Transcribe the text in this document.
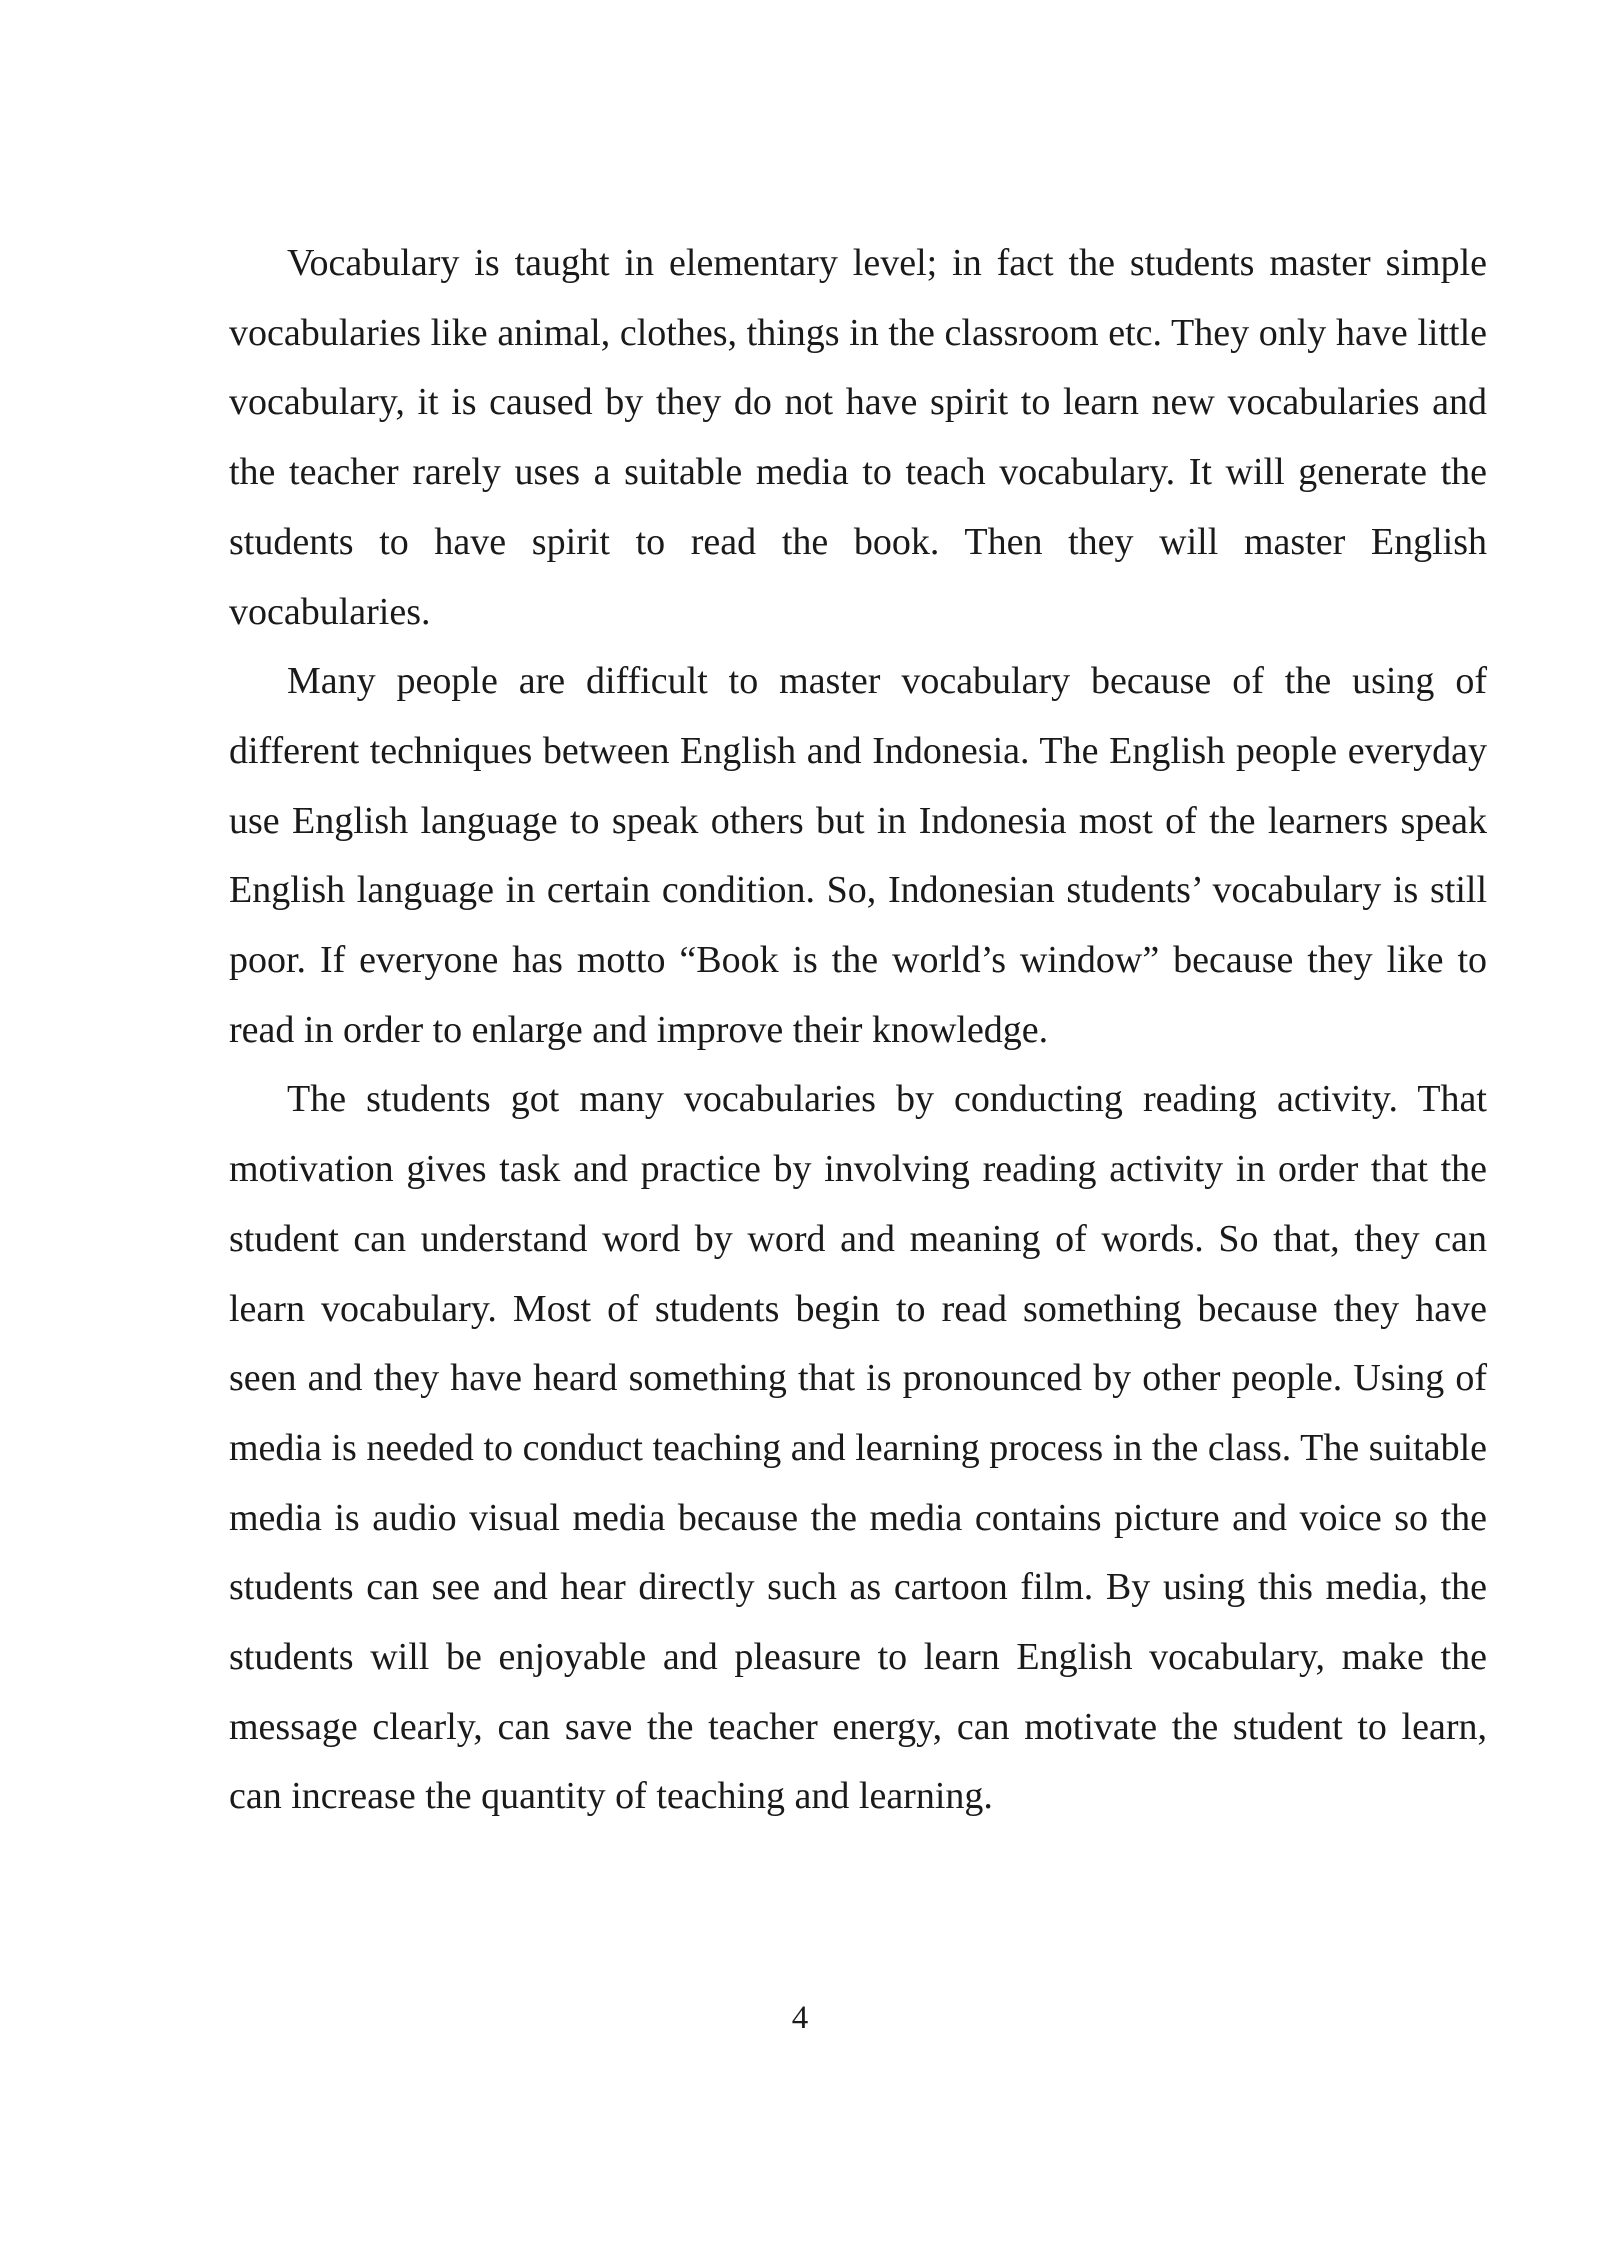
Vocabulary is taught in elementary level; in fact the students master simple vocabularies like animal, clothes, things in the classroom etc. They only have little vocabulary, it is caused by they do not have spirit to learn new vocabularies and the teacher rarely uses a suitable media to teach vocabulary. It will generate the students to have spirit to read the book. Then they will master English vocabularies.

Many people are difficult to master vocabulary because of the using of different techniques between English and Indonesia. The English people everyday use English language to speak others but in Indonesia most of the learners speak English language in certain condition. So, Indonesian students’ vocabulary is still poor. If everyone has motto “Book is the world’s window” because they like to read in order to enlarge and improve their knowledge.

The students got many vocabularies by conducting reading activity. That motivation gives task and practice by involving reading activity in order that the student can understand word by word and meaning of words. So that, they can learn vocabulary. Most of students begin to read something because they have seen and they have heard something that is pronounced by other people. Using of media is needed to conduct teaching and learning process in the class. The suitable media is audio visual media because the media contains picture and voice so the students can see and hear directly such as cartoon film. By using this media, the students will be enjoyable and pleasure to learn English vocabulary, make the message clearly, can save the teacher energy, can motivate the student to learn, can increase the quantity of teaching and learning.

4
